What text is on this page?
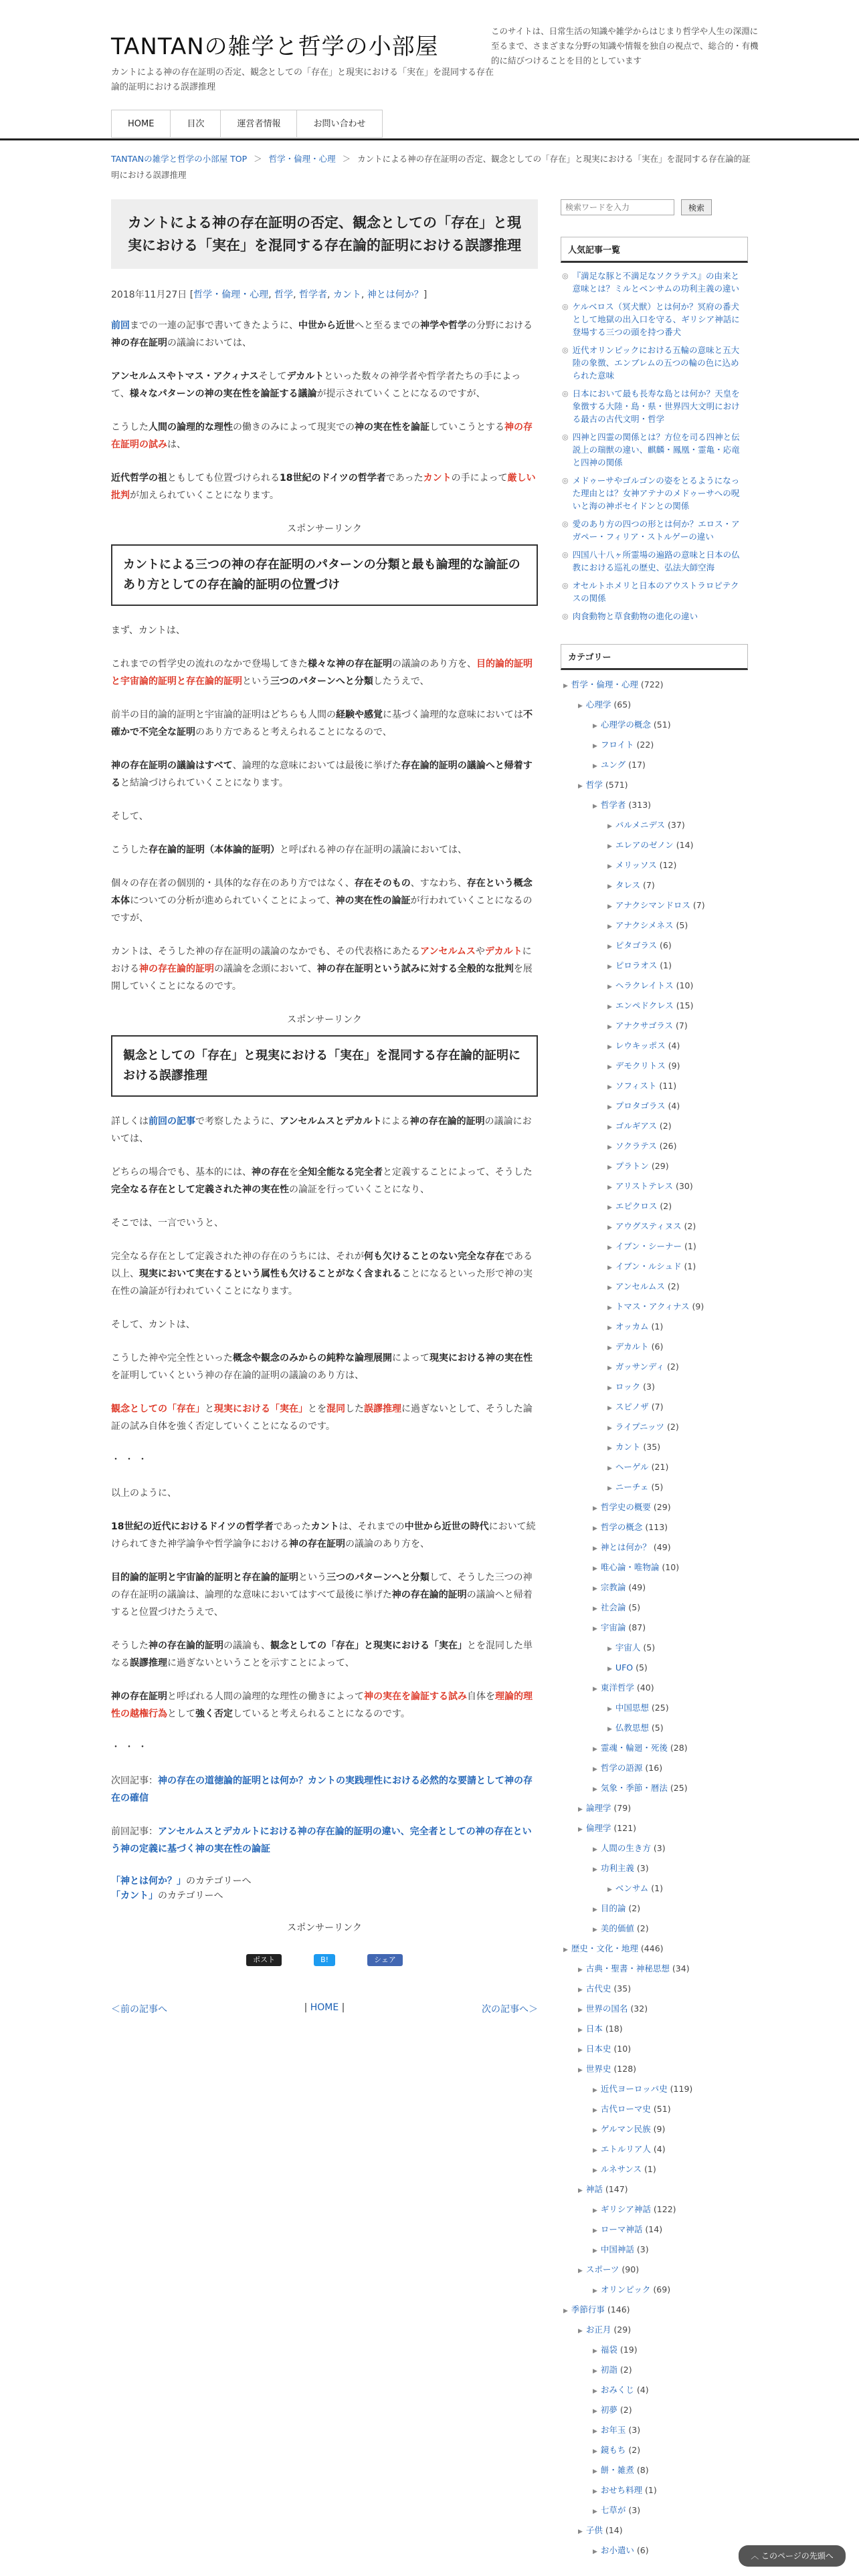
TANTANの雑学と哲学の小部屋
カントによる神の存在証明の否定、観念としての「存在」と現実における「実在」を混同する存在論的証明における誤謬推理
このサイトは、日常生活の知識や雑学からはじまり哲学や人生の深淵に至るまで、さまざまな分野の知識や情報を独自の視点で、総合的・有機的に結びつけることを目的としています
HOME	目次	運営者情報	お問い合わせ
TANTANの雑学と哲学の小部屋 TOP ＞ 哲学・倫理・心理 ＞ カントによる神の存在証明の否定、観念としての「存在」と現実における「実在」を混同する存在論的証明における誤謬推理
カントによる神の存在証明の否定、観念としての「存在」と現実における「実在」を混同する存在論的証明における誤謬推理
2018年11月27日 [哲学・倫理・心理, 哲学, 哲学者, カント, 神とは何か？]

前回までの一連の記事で書いてきたように、中世から近世へと至るまでの神学や哲学の分野における神の存在証明の議論においては、

アンセルムスやトマス・アクィナスそしてデカルトといった数々の神学者や哲学者たちの手によって、様々なパターンの神の実在性を論証する議論が提示されていくことになるのですが、

こうした人間の論理的な理性の働きのみによって現実での神の実在性を論証していこうとする神の存在証明の試みは、

近代哲学の祖ともしても位置づけられる18世紀のドイツの哲学者であったカントの手によって厳しい批判が加えられていくことになります。

スポンサーリンク
カントによる三つの神の存在証明のパターンの分類と最も論理的な論証のあり方としての存在論的証明の位置づけ

まず、カントは、

これまでの哲学史の流れのなかで登場してきた様々な神の存在証明の議論のあり方を、目的論的証明と宇宙論的証明と存在論的証明という三つのパターンへと分類したうえで、

前半の目的論的証明と宇宙論的証明はどちらも人間の経験や感覚に基づく論理的な意味においては不確かで不完全な証明のあり方であると考えられることになるので、

神の存在証明の議論はすべて、論理的な意味においては最後に挙げた存在論的証明の議論へと帰着すると結論づけられていくことになります。

そして、

こうした存在論的証明（本体論的証明）と呼ばれる神の存在証明の議論においては、

個々の存在者の個別的・具体的な存在のあり方ではなく、存在そのもの、すなわち、存在という概念本体についての分析が進められていくことによって、神の実在性の論証が行われていくことになるのですが、

カントは、そうした神の存在証明の議論のなかでも、その代表格にあたるアンセルムスやデカルトにおける神の存在論的証明の議論を念頭において、神の存在証明という試みに対する全般的な批判を展開していくことになるのです。

スポンサーリンク
観念としての「存在」と現実における「実在」を混同する存在論的証明における誤謬推理

詳しくは前回の記事で考察したように、アンセルムスとデカルトによる神の存在論的証明の議論においては、

どちらの場合でも、基本的には、神の存在を全知全能なる完全者と定義することによって、そうした完全なる存在として定義された神の実在性の論証を行っていくことになり、

そこでは、一言でいうと、

完全なる存在として定義された神の存在のうちには、それが何も欠けることのない完全な存在である以上、現実において実在するという属性も欠けることがなく含まれることになるといった形で神の実在性の論証が行われていくことになります。

そして、カントは、

こうした神や完全性といった概念や観念のみからの純粋な論理展開によって現実における神の実在性を証明していくという神の存在論的証明の議論のあり方は、

観念としての「存在」と現実における「実在」とを混同した誤謬推理に過ぎないとして、そうした論証の試み自体を強く否定していくことになるのです。

・・・

以上のように、

18世紀の近代におけるドイツの哲学者であったカントは、それまでの中世から近世の時代において続けられてきた神学論争や哲学論争における神の存在証明の議論のあり方を、

目的論的証明と宇宙論的証明と存在論的証明という三つのパターンへと分類して、そうした三つの神の存在証明の議論は、論理的な意味においてはすべて最後に挙げた神の存在論的証明の議論へと帰着すると位置づけたうえで、

そうした神の存在論的証明の議論も、観念としての「存在」と現実における「実在」とを混同した単なる誤謬推理に過ぎないということを示すことによって、

神の存在証明と呼ばれる人間の論理的な理性の働きによって神の実在を論証する試み自体を理論的理性の越権行為として強く否定していると考えられることになるのです。

・・・

次回記事：神の存在の道徳論的証明とは何か？カントの実践理性における必然的な要請として神の存在の確信

前回記事：アンセルムスとデカルトにおける神の存在論的証明の違い、完全者としての神の存在という神の定義に基づく神の実在性の論証

「神とは何か？」のカテゴリーへ
「カント」のカテゴリーへ

スポンサーリンク
ポスト	B!	シェア
＜前の記事へ	| HOME |	次の記事へ＞
検索ワードを入力
検索
人気記事一覧
◎ 『満足な豚と不満足なソクラテス』の由来と意味とは？ミルとベンサムの功利主義の違い
◎ ケルベロス（冥犬獣）とは何か？冥府の番犬として地獄の出入口を守る、ギリシア神話に登場する三つの頭を持つ番犬
◎ 近代オリンピックにおける五輪の意味と五大陸の象徴、エンブレムの五つの輪の色に込められた意味
◎ 日本において最も長寿な島とは何か？天皇を象徴する大陸・島・県・世界四大文明における最古の古代文明・哲学
◎ 四神と四霊の関係とは？方位を司る四神と伝説上の瑞獣の違い、麒麟・鳳凰・霊亀・応竜と四神の関係
◎ メドゥーサやゴルゴンの姿をとるようになった理由とは？女神アテナのメドゥーサへの呪いと海の神ポセイドンとの関係
◎ 愛のあり方の四つの形とは何か？エロス・アガペー・フィリア・ストルゲーの違い
◎ 四国八十八ヶ所霊場の遍路の意味と日本の仏教における巡礼の歴史、弘法大師空海
◎ オセルトホメリと日本のアウストラロピテクスの関係
◎ 肉食動物と草食動物の進化の違い
カテゴリー
▶ 哲学・倫理・心理 (722)
▶ 心理学 (65)
▶ 心理学の概念 (51)
▶ フロイト (22)
▶ ユング (17)
▶ 哲学 (571)
▶ 哲学者 (313)
▶ パルメニデス (37)
▶ エレアのゼノン (14)
▶ メリッソス (12)
▶ タレス (7)
▶ アナクシマンドロス (7)
▶ アナクシメネス (5)
▶ ピタゴラス (6)
▶ ピロラオス (1)
▶ ヘラクレイトス (10)
▶ エンペドクレス (15)
▶ アナクサゴラス (7)
▶ レウキッポス (4)
▶ デモクリトス (9)
▶ ソフィスト (11)
▶ プロタゴラス (4)
▶ ゴルギアス (2)
▶ ソクラテス (26)
▶ プラトン (29)
▶ アリストテレス (30)
▶ エピクロス (2)
▶ アウグスティヌス (2)
▶ イブン・シーナー (1)
▶ イブン・ルシュド (1)
▶ アンセルムス (2)
▶ トマス・アクィナス (9)
▶ オッカム (1)
▶ デカルト (6)
▶ ガッサンディ (2)
▶ ロック (3)
▶ スピノザ (7)
▶ ライプニッツ (2)
▶ カント (35)
▶ ヘーゲル (21)
▶ ニーチェ (5)
▶ 哲学史の概要 (29)
▶ 哲学の概念 (113)
▶ 神とは何か？ (49)
▶ 唯心論・唯物論 (10)
▶ 宗教論 (49)
▶ 社会論 (5)
▶ 宇宙論 (87)
▶ 宇宙人 (5)
▶ UFO (5)
▶ 東洋哲学 (40)
▶ 中国思想 (25)
▶ 仏教思想 (5)
▶ 霊魂・輪廻・死後 (28)
▶ 哲学の語源 (16)
▶ 気象・季節・暦法 (25)
▶ 論理学 (79)
▶ 倫理学 (121)
▶ 人間の生き方 (3)
▶ 功利主義 (3)
▶ ベンサム (1)
▶ 目的論 (2)
▶ 美的価値 (2)
▶ 歴史・文化・地理 (446)
▶ 古典・聖書・神秘思想 (34)
▶ 古代史 (35)
▶ 世界の国名 (32)
▶ 日本 (18)
▶ 日本史 (10)
▶ 世界史 (128)
▶ 近代ヨーロッパ史 (119)
▶ 古代ローマ史 (51)
▶ ゲルマン民族 (9)
▶ エトルリア人 (4)
▶ ルネサンス (1)
▶ 神話 (147)
▶ ギリシア神話 (122)
▶ ローマ神話 (14)
▶ 中国神話 (3)
▶ スポーツ (90)
▶ オリンピック (69)
▶ 季節行事 (146)
▶ お正月 (29)
▶ 福袋 (19)
▶ 初詣 (2)
▶ おみくじ (4)
▶ 初夢 (2)
▶ お年玉 (3)
▶ 鏡もち (2)
▶ 餅・雑煮 (8)
▶ おせち料理 (1)
▶ 七草が (3)
▶ 子供 (14)
▶ お小遣い (6)
︿ このページの先頭へ
